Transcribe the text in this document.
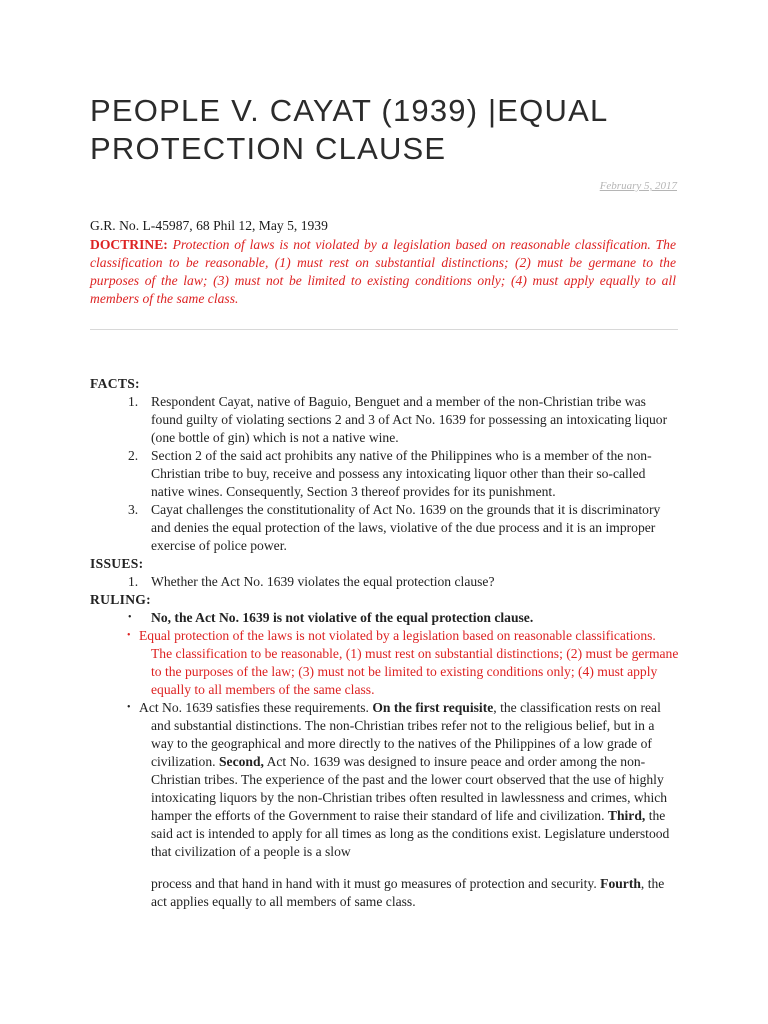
PEOPLE V. CAYAT (1939) |EQUAL PROTECTION CLAUSE
February 5, 2017
G.R. No. L-45987, 68 Phil 12, May 5, 1939
DOCTRINE: Protection of laws is not violated by a legislation based on reasonable classification. The classification to be reasonable, (1) must rest on substantial distinctions; (2) must be germane to the purposes of the law; (3) must not be limited to existing conditions only; (4) must apply equally to all members of the same class.
FACTS:
1. Respondent Cayat, native of Baguio, Benguet and a member of the non-Christian tribe was found guilty of violating sections 2 and 3 of Act No. 1639 for possessing an intoxicating liquor (one bottle of gin) which is not a native wine.
2. Section 2 of the said act prohibits any native of the Philippines who is a member of the non-Christian tribe to buy, receive and possess any intoxicating liquor other than their so-called native wines. Consequently, Section 3 thereof provides for its punishment.
3. Cayat challenges the constitutionality of Act No. 1639 on the grounds that it is discriminatory and denies the equal protection of the laws, violative of the due process and it is an improper exercise of police power.
ISSUES:
1. Whether the Act No. 1639 violates the equal protection clause?
RULING:
• No, the Act No. 1639 is not violative of the equal protection clause.
• Equal protection of the laws is not violated by a legislation based on reasonable classifications. The classification to be reasonable, (1) must rest on substantial distinctions; (2) must be germane to the purposes of the law; (3) must not be limited to existing conditions only; (4) must apply equally to all members of the same class.
• Act No. 1639 satisfies these requirements. On the first requisite, the classification rests on real and substantial distinctions. The non-Christian tribes refer not to the religious belief, but in a way to the geographical and more directly to the natives of the Philippines of a low grade of civilization. Second, Act No. 1639 was designed to insure peace and order among the non-Christian tribes. The experience of the past and the lower court observed that the use of highly intoxicating liquors by the non-Christian tribes often resulted in lawlessness and crimes, which hamper the efforts of the Government to raise their standard of life and civilization. Third, the said act is intended to apply for all times as long as the conditions exist. Legislature understood that civilization of a people is a slow
process and that hand in hand with it must go measures of protection and security. Fourth, the act applies equally to all members of same class.
